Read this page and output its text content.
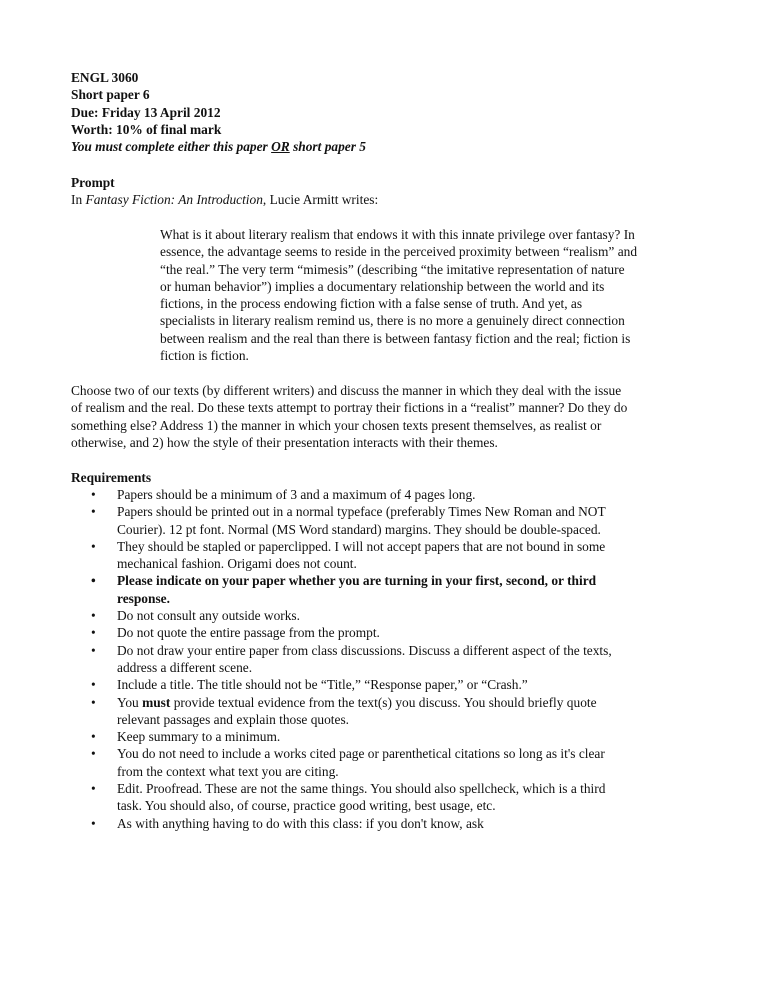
ENGL 3060
Short paper 6
Due: Friday 13 April 2012
Worth: 10% of final mark
You must complete either this paper OR short paper 5
Prompt
In Fantasy Fiction: An Introduction, Lucie Armitt writes:
What is it about literary realism that endows it with this innate privilege over fantasy? In
essence, the advantage seems to reside in the perceived proximity between “realism” and
“the real.” The very term “mimesis” (describing “the imitative representation of nature
or human behavior”) implies a documentary relationship between the world and its
fictions, in the process endowing fiction with a false sense of truth. And yet, as
specialists in literary realism remind us, there is no more a genuinely direct connection
between realism and the real than there is between fantasy fiction and the real; fiction is
fiction is fiction.
Choose two of our texts (by different writers) and discuss the manner in which they deal with the issue
of realism and the real. Do these texts attempt to portray their fictions in a “realist” manner? Do they do
something else? Address 1) the manner in which your chosen texts present themselves, as realist or
otherwise, and 2) how the style of their presentation interacts with their themes.
Requirements
• Papers should be a minimum of 3 and a maximum of 4 pages long.
• Papers should be printed out in a normal typeface (preferably Times New Roman and NOT
Courier). 12 pt font. Normal (MS Word standard) margins. They should be double-spaced.
• They should be stapled or paperclipped. I will not accept papers that are not bound in some
mechanical fashion. Origami does not count.
• Please indicate on your paper whether you are turning in your first, second, or third
response.
• Do not consult any outside works.
• Do not quote the entire passage from the prompt.
• Do not draw your entire paper from class discussions. Discuss a different aspect of the texts,
address a different scene.
• Include a title. The title should not be “Title,” “Response paper,” or “Crash.”
• You must provide textual evidence from the text(s) you discuss. You should briefly quote
relevant passages and explain those quotes.
• Keep summary to a minimum.
• You do not need to include a works cited page or parenthetical citations so long as it's clear
from the context what text you are citing.
• Edit. Proofread. These are not the same things. You should also spellcheck, which is a third
task. You should also, of course, practice good writing, best usage, etc.
• As with anything having to do with this class: if you don't know, ask
